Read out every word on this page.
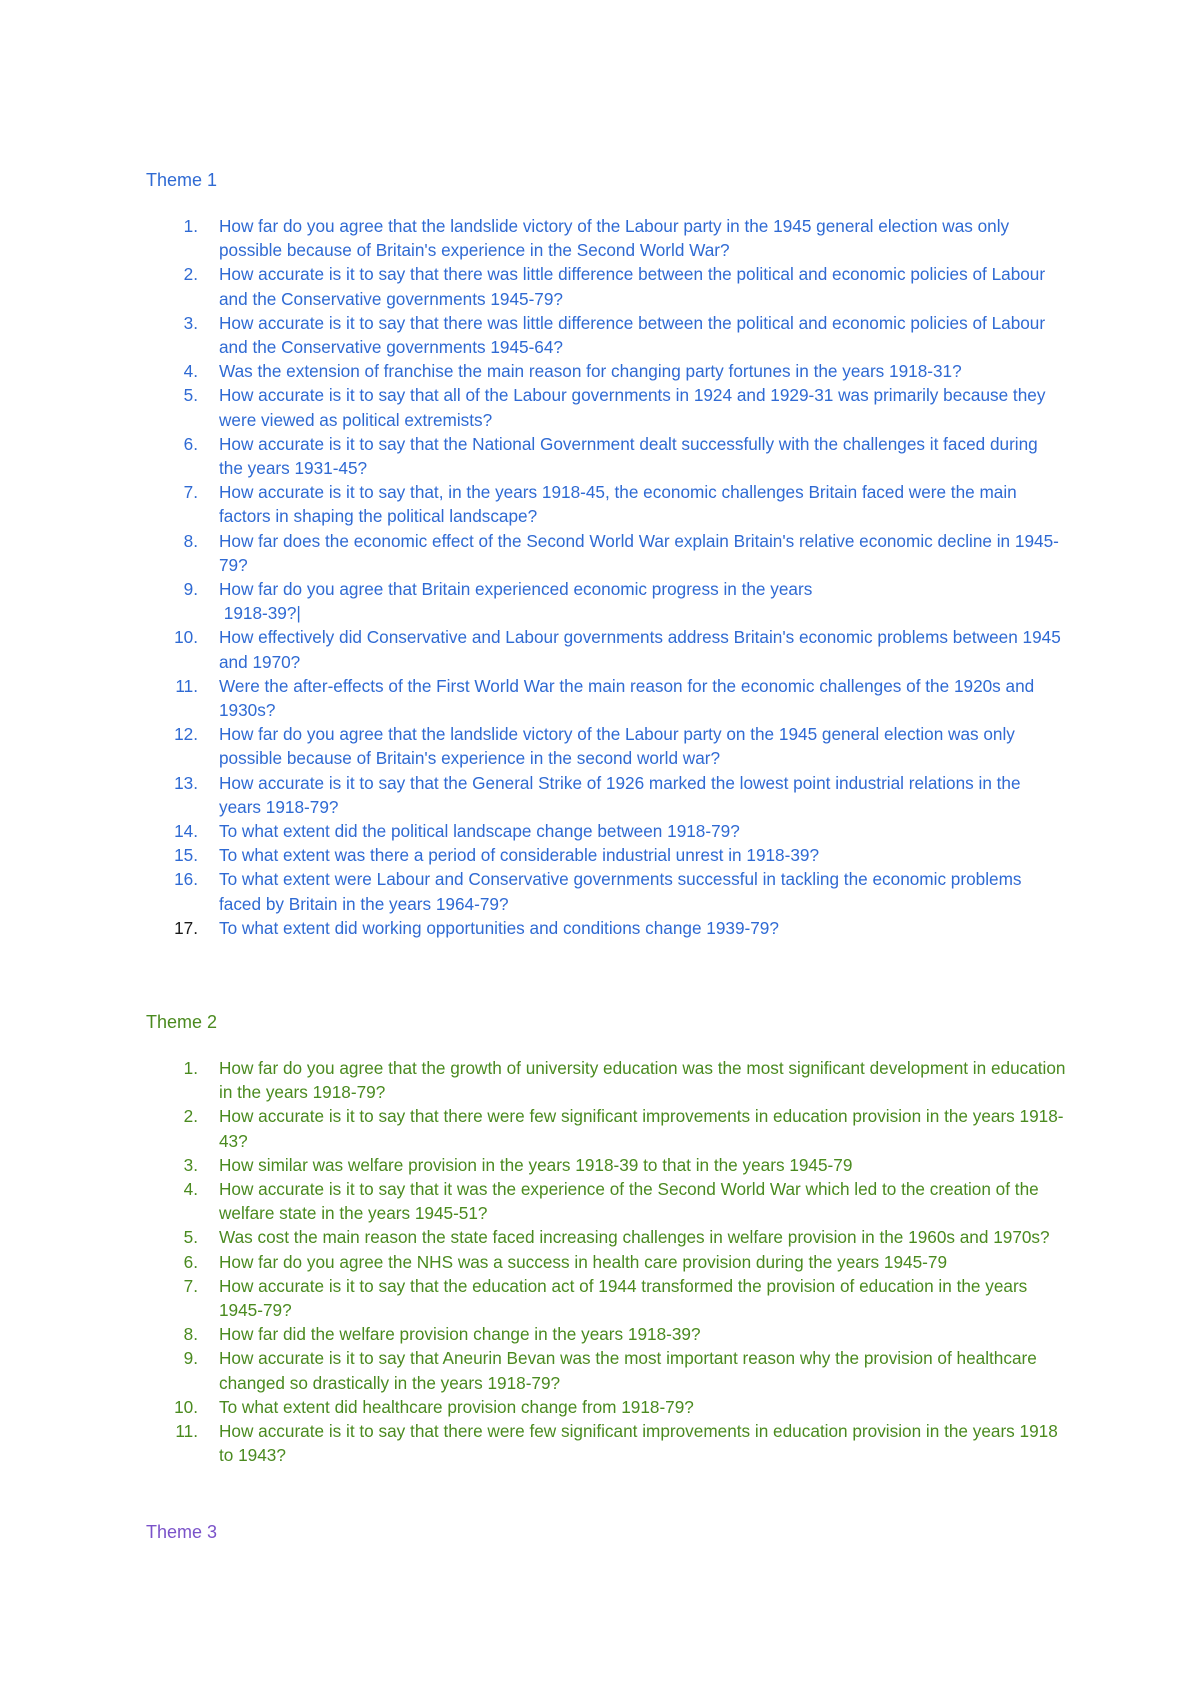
Theme 1
1. How far do you agree that the landslide victory of the Labour party in the 1945 general election was only possible because of Britain's experience in the Second World War?
2. How accurate is it to say that there was little difference between the political and economic policies of Labour and the Conservative governments 1945-79?
3. How accurate is it to say that there was little difference between the political and economic policies of Labour and the Conservative governments 1945-64?
4. Was the extension of franchise the main reason for changing party fortunes in the years 1918-31?
5. How accurate is it to say that all of the Labour governments in 1924 and 1929-31 was primarily because they were viewed as political extremists?
6. How accurate is it to say that the National Government dealt successfully with the challenges it faced during the years 1931-45?
7. How accurate is it to say that, in the years 1918-45, the economic challenges Britain faced were the main factors in shaping the political landscape?
8. How far does the economic effect of the Second World War explain Britain's relative economic decline in 1945-79?
9. How far do you agree that Britain experienced economic progress in the years
1918-39?|
10. How effectively did Conservative and Labour governments address Britain's economic problems between 1945 and 1970?
11. Were the after-effects of the First World War the main reason for the economic challenges of the 1920s and 1930s?
12. How far do you agree that the landslide victory of the Labour party on the 1945 general election was only possible because of Britain's experience in the second world war?
13. How accurate is it to say that the General Strike of 1926 marked the lowest point industrial relations in the years 1918-79?
14. To what extent did the political landscape change between 1918-79?
15. To what extent was there a period of considerable industrial unrest in 1918-39?
16. To what extent were Labour and Conservative governments successful in tackling the economic problems faced by Britain in the years 1964-79?
17. To what extent did working opportunities and conditions change 1939-79?
Theme 2
1. How far do you agree that the growth of university education was the most significant development in education in the years 1918-79?
2. How accurate is it to say that there were few significant improvements in education provision in the years 1918-43?
3. How similar was welfare provision in the years 1918-39 to that in the years 1945-79
4. How accurate is it to say that it was the experience of the Second World War which led to the creation of the welfare state in the years 1945-51?
5. Was cost the main reason the state faced increasing challenges in welfare provision in the 1960s and 1970s?
6. How far do you agree the NHS was a success in health care provision during the years 1945-79
7. How accurate is it to say that the education act of 1944 transformed the provision of education in the years 1945-79?
8. How far did the welfare provision change in the years 1918-39?
9. How accurate is it to say that Aneurin Bevan was the most important reason why the provision of healthcare changed so drastically in the years 1918-79?
10. To what extent did healthcare provision change from 1918-79?
11. How accurate is it to say that there were few significant improvements in education provision in the years 1918 to 1943?
Theme 3
